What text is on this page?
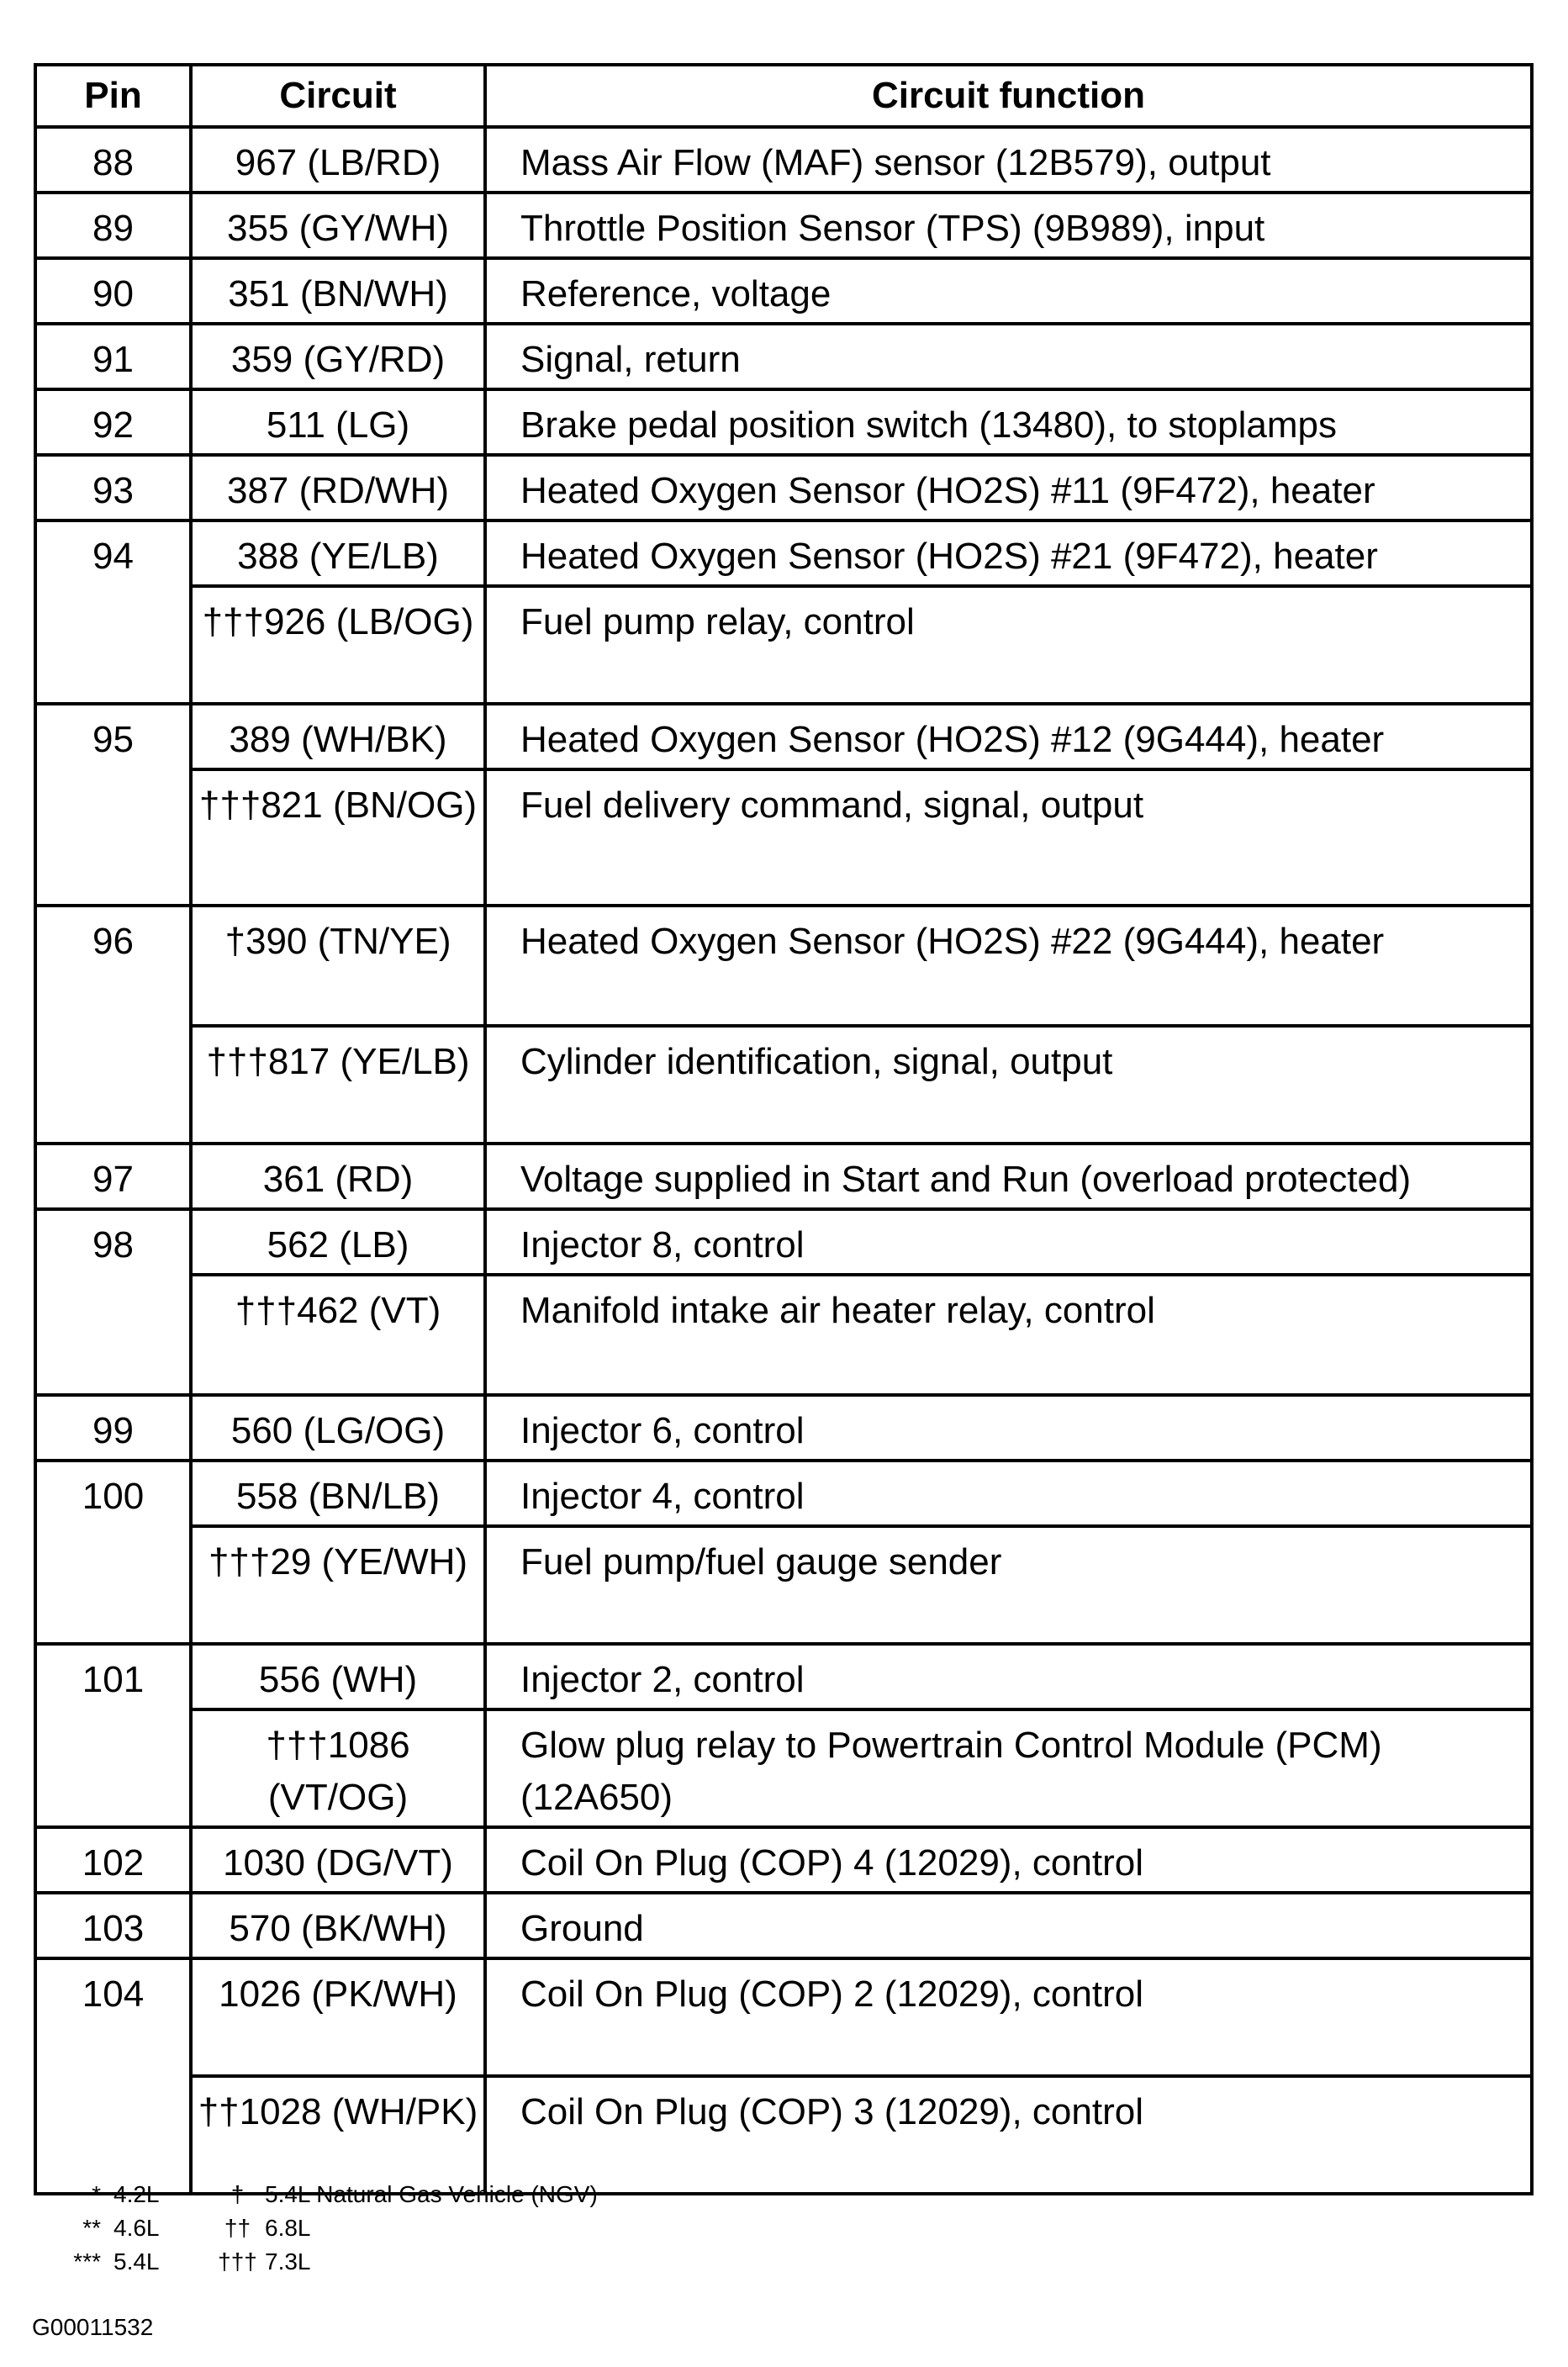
Pin	Circuit	Circuit function
88	967 (LB/RD)	Mass Air Flow (MAF) sensor (12B579), output
89	355 (GY/WH)	Throttle Position Sensor (TPS) (9B989), input
90	351 (BN/WH)	Reference, voltage
91	359 (GY/RD)	Signal, return
92	511 (LG)	Brake pedal position switch (13480), to stoplamps
93	387 (RD/WH)	Heated Oxygen Sensor (HO2S) #11 (9F472), heater
94	388 (YE/LB)	Heated Oxygen Sensor (HO2S) #21 (9F472), heater
	†††926 (LB/OG)	Fuel pump relay, control
95	389 (WH/BK)	Heated Oxygen Sensor (HO2S) #12 (9G444), heater
	†††821 (BN/OG)	Fuel delivery command, signal, output
96	†390 (TN/YE)	Heated Oxygen Sensor (HO2S) #22 (9G444), heater
	†††817 (YE/LB)	Cylinder identification, signal, output
97	361 (RD)	Voltage supplied in Start and Run (overload protected)
98	562 (LB)	Injector 8, control
	†††462 (VT)	Manifold intake air heater relay, control
99	560 (LG/OG)	Injector 6, control
100	558 (BN/LB)	Injector 4, control
	†††29 (YE/WH)	Fuel pump/fuel gauge sender
101	556 (WH)	Injector 2, control
	†††1086 (VT/OG)	Glow plug relay to Powertrain Control Module (PCM) (12A650)
102	1030 (DG/VT)	Coil On Plug (COP) 4 (12029), control
103	570 (BK/WH)	Ground
104	1026 (PK/WH)	Coil On Plug (COP) 2 (12029), control
	††1028 (WH/PK)	Coil On Plug (COP) 3 (12029), control
* 4.2L	† 5.4L Natural Gas Vehicle (NGV)
** 4.6L	†† 6.8L
*** 5.4L	††† 7.3L
G00011532
